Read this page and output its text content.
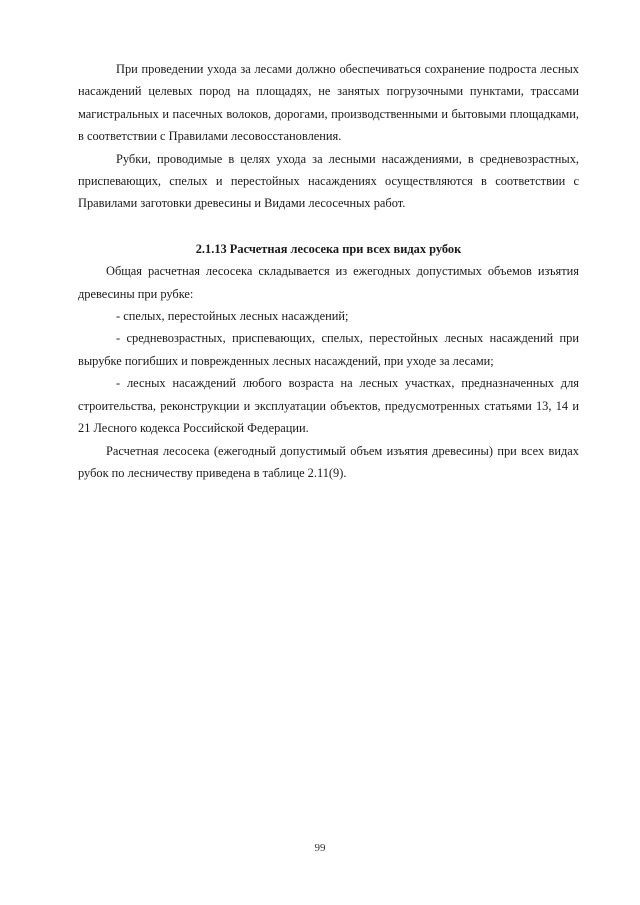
При проведении ухода за лесами должно обеспечиваться сохранение подроста лесных насаждений целевых пород на площадях, не занятых погрузочными пунктами, трассами магистральных и пасечных волоков, дорогами, производственными и бытовыми площадками, в соответствии с Правилами лесовосстановления.

Рубки, проводимые в целях ухода за лесными насаждениями, в средневозрастных, приспевающих, спелых и перестойных насаждениях осуществляются в соответствии с Правилами заготовки древесины и Видами лесосечных работ.

2.1.13 Расчетная лесосека при всех видах рубок

Общая расчетная лесосека складывается из ежегодных допустимых объемов изъятия древесины при рубке:

- спелых, перестойных лесных насаждений;

- средневозрастных, приспевающих, спелых, перестойных лесных насаждений при вырубке погибших и поврежденных лесных насаждений, при уходе за лесами;

- лесных насаждений любого возраста на лесных участках, предназначенных для строительства, реконструкции и эксплуатации объектов, предусмотренных статьями 13, 14 и 21 Лесного кодекса Российской Федерации.

Расчетная лесосека (ежегодный допустимый объем изъятия древесины) при всех видах рубок по лесничеству приведена в таблице 2.11(9).

99
